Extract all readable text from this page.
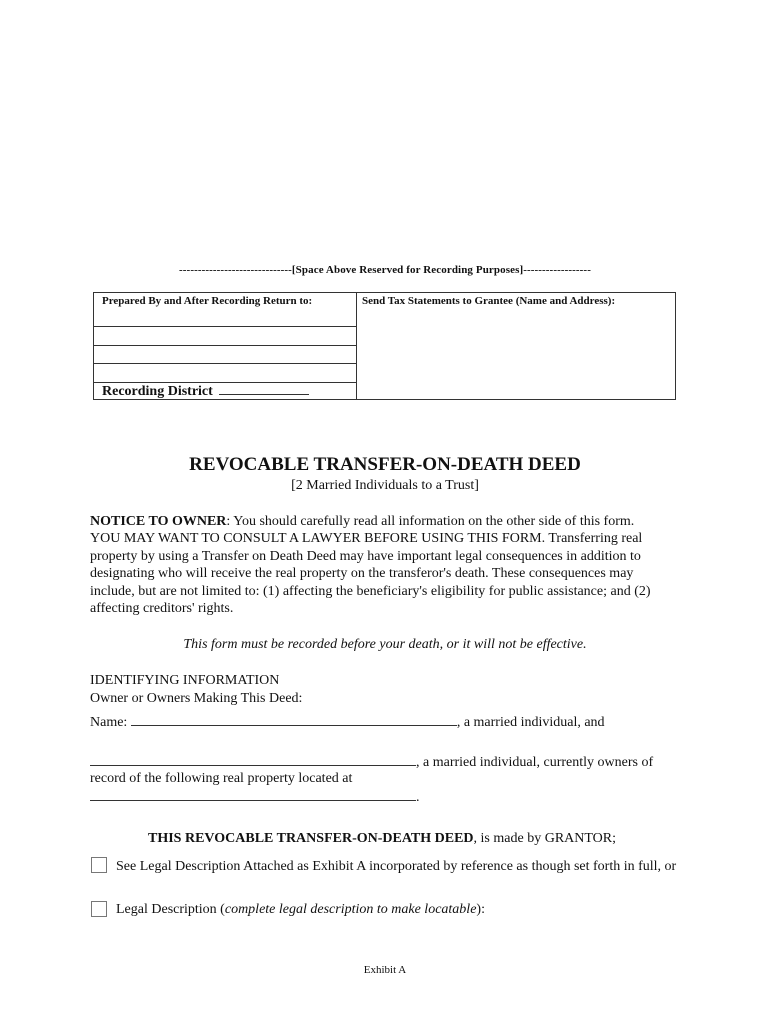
------------------------------[Space Above Reserved for Recording Purposes]------------------
Prepared By and After Recording Return to:
Recording District
Send Tax Statements to Grantee (Name and Address):
REVOCABLE TRANSFER-ON-DEATH DEED
[2 Married Individuals to a Trust]
NOTICE TO OWNER: You should carefully read all information on the other side of this form. YOU MAY WANT TO CONSULT A LAWYER BEFORE USING THIS FORM. Transferring real property by using a Transfer on Death Deed may have important legal consequences in addition to designating who will receive the real property on the transferor's death. These consequences may include, but are not limited to: (1) affecting the beneficiary's eligibility for public assistance; and (2) affecting creditors' rights.
This form must be recorded before your death, or it will not be effective.
IDENTIFYING INFORMATION
Owner or Owners Making This Deed:
Name:	, a married individual, and
, a married individual, currently owners of
record of the following real property located at
.
THIS REVOCABLE TRANSFER-ON-DEATH DEED, is made by GRANTOR;
See Legal Description Attached as Exhibit A incorporated by reference as though set forth in full, or
Legal Description (complete legal description to make locatable):
Exhibit A
